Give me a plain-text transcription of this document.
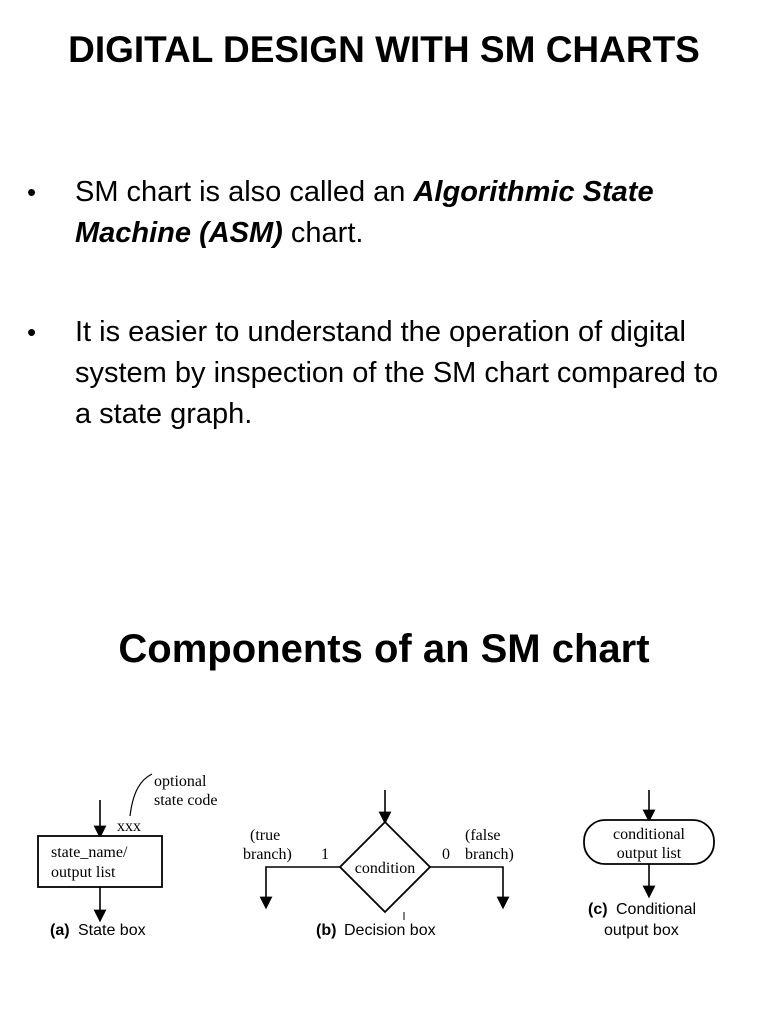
DIGITAL DESIGN WITH SM CHARTS
• SM chart is also called an Algorithmic State Machine (ASM) chart.
• It is easier to understand the operation of digital system by inspection of the SM chart compared to a state graph.
Components of an SM chart
optional
state code
xxx
state_name/
output list
(a) State box
condition
(true
branch) 1
(false
branch)
0
(b) Decision box
conditional
output list
(c) Conditional
output box
